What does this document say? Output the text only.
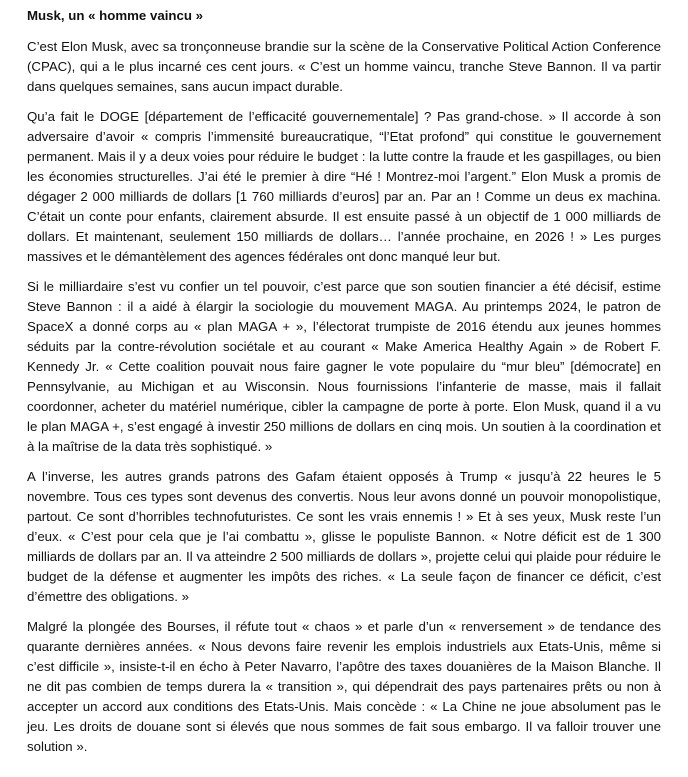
Musk, un « homme vaincu »

C’est Elon Musk, avec sa tronçonneuse brandie sur la scène de la Conservative Political Action Conference (CPAC), qui a le plus incarné ces cent jours. « C’est un homme vaincu, tranche Steve Bannon. Il va partir dans quelques semaines, sans aucun impact durable.

Qu’a fait le DOGE [département de l’efficacité gouvernementale] ? Pas grand-chose. » Il accorde à son adversaire d’avoir « compris l’immensité bureaucratique, “l’Etat profond” qui constitue le gouvernement permanent. Mais il y a deux voies pour réduire le budget : la lutte contre la fraude et les gaspillages, ou bien les économies structurelles. J’ai été le premier à dire “Hé ! Montrez-moi l’argent.” Elon Musk a promis de dégager 2 000 milliards de dollars [1 760 milliards d’euros] par an. Par an ! Comme un deus ex machina. C’était un conte pour enfants, clairement absurde. Il est ensuite passé à un objectif de 1 000 milliards de dollars. Et maintenant, seulement 150 milliards de dollars… l’année prochaine, en 2026 ! » Les purges massives et le démantèlement des agences fédérales ont donc manqué leur but.

Si le milliardaire s’est vu confier un tel pouvoir, c’est parce que son soutien financier a été décisif, estime Steve Bannon : il a aidé à élargir la sociologie du mouvement MAGA. Au printemps 2024, le patron de SpaceX a donné corps au « plan MAGA + », l’électorat trumpiste de 2016 étendu aux jeunes hommes séduits par la contre-révolution sociétale et au courant « Make America Healthy Again » de Robert F. Kennedy Jr. « Cette coalition pouvait nous faire gagner le vote populaire du “mur bleu” [démocrate] en Pennsylvanie, au Michigan et au Wisconsin. Nous fournissions l’infanterie de masse, mais il fallait coordonner, acheter du matériel numérique, cibler la campagne de porte à porte. Elon Musk, quand il a vu le plan MAGA +, s’est engagé à investir 250 millions de dollars en cinq mois. Un soutien à la coordination et à la maîtrise de la data très sophistiqué. »

A l’inverse, les autres grands patrons des Gafam étaient opposés à Trump « jusqu’à 22 heures le 5 novembre. Tous ces types sont devenus des convertis. Nous leur avons donné un pouvoir monopolistique, partout. Ce sont d’horribles technofuturistes. Ce sont les vrais ennemis ! » Et à ses yeux, Musk reste l’un d’eux. « C’est pour cela que je l’ai combattu », glisse le populiste Bannon. « Notre déficit est de 1 300 milliards de dollars par an. Il va atteindre 2 500 milliards de dollars », projette celui qui plaide pour réduire le budget de la défense et augmenter les impôts des riches. « La seule façon de financer ce déficit, c’est d’émettre des obligations. »

Malgré la plongée des Bourses, il réfute tout « chaos » et parle d’un « renversement » de tendance des quarante dernières années. « Nous devons faire revenir les emplois industriels aux Etats-Unis, même si c’est difficile », insiste-t-il en écho à Peter Navarro, l’apôtre des taxes douanières de la Maison Blanche. Il ne dit pas combien de temps durera la « transition », qui dépendrait des pays partenaires prêts ou non à accepter un accord aux conditions des Etats-Unis. Mais concède : « La Chine ne joue absolument pas le jeu. Les droits de douane sont si élevés que nous sommes de fait sous embargo. Il va falloir trouver une solution ».
